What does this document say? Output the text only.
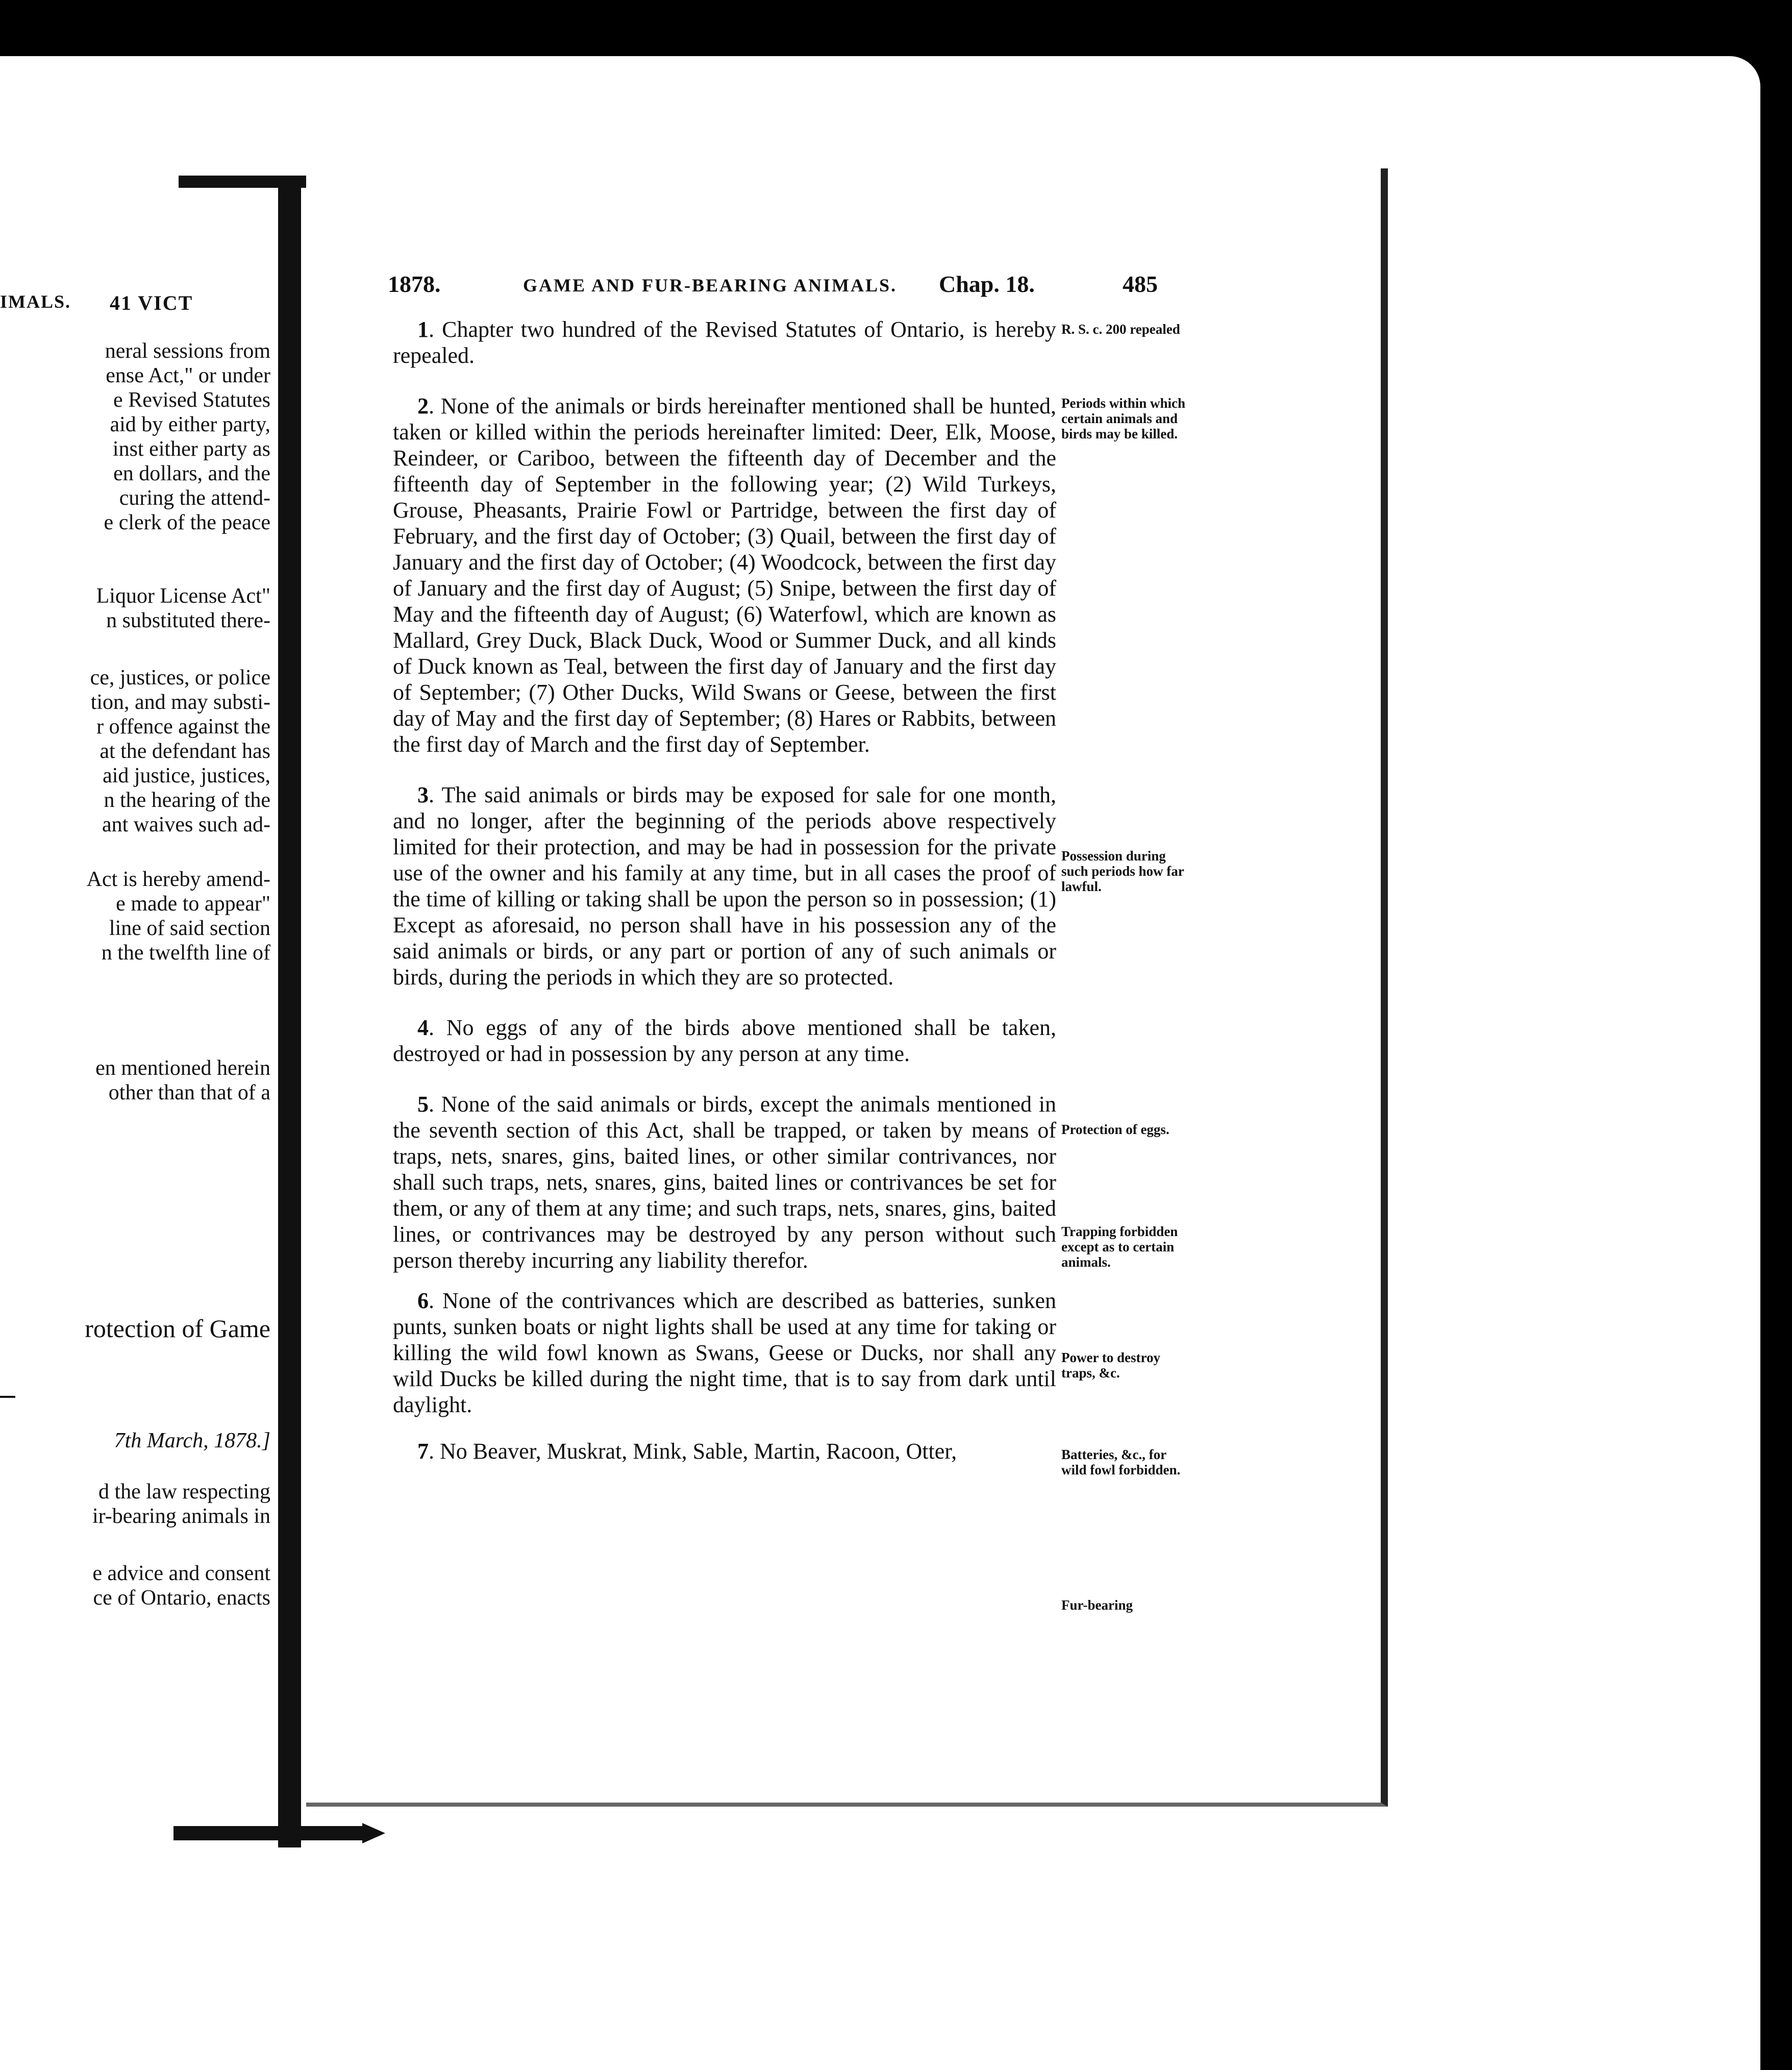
IMALS. 41 VICT
neral sessions from
ense Act," or under
e Revised Statutes
aid by either party,
inst either party as
en dollars, and the
curing the attend-
e clerk of the peace
Liquor License Act"
n substituted there-
ce, justices, or police
tion, and may substi-
r offence against the
at the defendant has
aid justice, justices,
n the hearing of the
ant waives such ad-
Act is hereby amend-
e made to appear"
line of said section
n the twelfth line of
en mentioned herein
other than that of a
rotection of Game
7th March, 1878.]
d the law respecting
ir-bearing animals in
e advice and consent
ce of Ontario, enacts
1878.	GAME AND FUR-BEARING ANIMALS. Chap. 18.	485
R. S. c. 200 repealed
Periods within which certain animals and birds may be killed.
Possession during such periods how far lawful.
Protection of eggs.
Trapping forbidden except as to certain animals.
Power to destroy traps, &c.
Batteries, &c., for wild fowl forbidden.
Fur-bearing

1. Chapter two hundred of the Revised Statutes of Ontario, is hereby repealed.

2. None of the animals or birds hereinafter mentioned shall be hunted, taken or killed within the periods hereinafter limited: Deer, Elk, Moose, Reindeer, or Cariboo, between the fifteenth day of December and the fifteenth day of September in the following year; (2) Wild Turkeys, Grouse, Pheasants, Prairie Fowl or Partridge, between the first day of February, and the first day of October; (3) Quail, between the first day of January and the first day of October; (4) Woodcock, between the first day of January and the first day of August; (5) Snipe, between the first day of May and the fifteenth day of August; (6) Waterfowl, which are known as Mallard, Grey Duck, Black Duck, Wood or Summer Duck, and all kinds of Duck known as Teal, between the first day of January and the first day of September; (7) Other Ducks, Wild Swans or Geese, between the first day of May and the first day of September; (8) Hares or Rabbits, between the first day of March and the first day of September.

3. The said animals or birds may be exposed for sale for one month, and no longer, after the beginning of the periods above respectively limited for their protection, and may be had in possession for the private use of the owner and his family at any time, but in all cases the proof of the time of killing or taking shall be upon the person so in possession; (1) Except as aforesaid, no person shall have in his possession any of the said animals or birds, or any part or portion of any of such animals or birds, during the periods in which they are so protected.

4. No eggs of any of the birds above mentioned shall be taken, destroyed or had in possession by any person at any time.

5. None of the said animals or birds, except the animals mentioned in the seventh section of this Act, shall be trapped, or taken by means of traps, nets, snares, gins, baited lines, or other similar contrivances, nor shall such traps, nets, snares, gins, baited lines or contrivances be set for them, or any of them at any time; and such traps, nets, snares, gins, baited lines, or contrivances may be destroyed by any person without such person thereby incurring any liability therefor.

6. None of the contrivances which are described as batteries, sunken punts, sunken boats or night lights shall be used at any time for taking or killing the wild fowl known as Swans, Geese or Ducks, nor shall any wild Ducks be killed during the night time, that is to say from dark until daylight.

7. No Beaver, Muskrat, Mink, Sable, Martin, Racoon, Otter,
